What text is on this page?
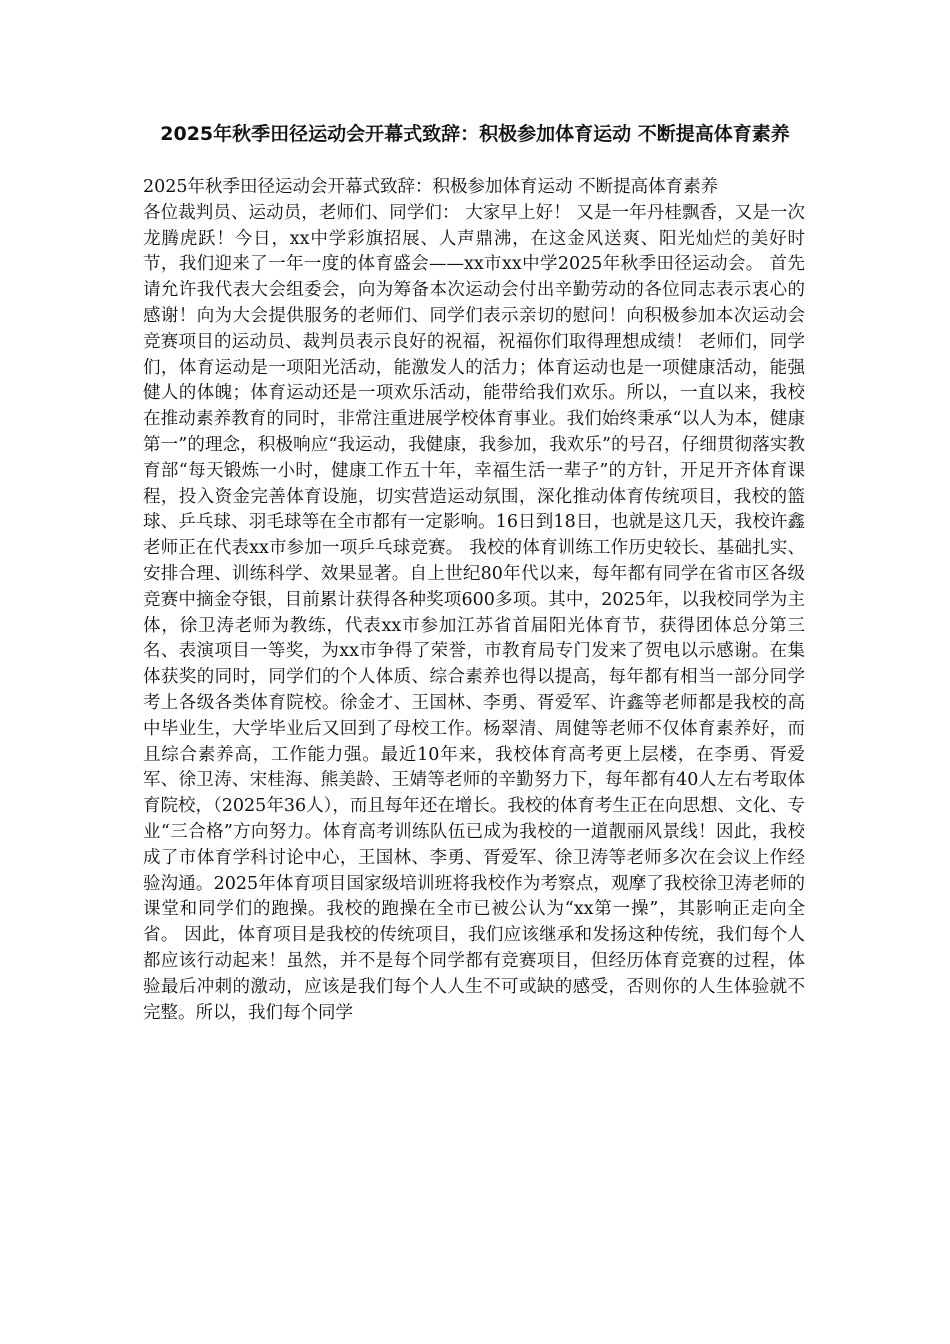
2025年秋季田径运动会开幕式致辞：积极参加体育运动 不断提高体育素养

2025年秋季田径运动会开幕式致辞：积极参加体育运动 不断提高体育素养

各位裁判员、运动员，老师们、同学们： 大家早上好！ 又是一年丹桂飘香，又是一次龙腾虎跃！今日，xx中学彩旗招展、人声鼎沸，在这金风送爽、阳光灿烂的美好时节，我们迎来了一年一度的体育盛会——xx市xx中学2025年秋季田径运动会。 首先请允许我代表大会组委会，向为筹备本次运动会付出辛勤劳动的各位同志表示衷心的感谢！向为大会提供服务的老师们、同学们表示亲切的慰问！向积极参加本次运动会竞赛项目的运动员、裁判员表示良好的祝福，祝福你们取得理想成绩！ 老师们，同学们，体育运动是一项阳光活动，能激发人的活力；体育运动也是一项健康活动，能强健人的体魄；体育运动还是一项欢乐活动，能带给我们欢乐。所以，一直以来，我校在推动素养教育的同时，非常注重进展学校体育事业。我们始终秉承“以人为本，健康第一”的理念，积极响应“我运动，我健康，我参加，我欢乐”的号召，仔细贯彻落实教育部“每天锻炼一小时，健康工作五十年，幸福生活一辈子”的方针，开足开齐体育课程，投入资金完善体育设施，切实营造运动氛围，深化推动体育传统项目，我校的篮球、乒乓球、羽毛球等在全市都有一定影响。16日到18日，也就是这几天，我校许鑫老师正在代表xx市参加一项乒乓球竞赛。 我校的体育训练工作历史较长、基础扎实、安排合理、训练科学、效果显著。自上世纪80年代以来，每年都有同学在省市区各级竞赛中摘金夺银，目前累计获得各种奖项600多项。其中，2025年，以我校同学为主体，徐卫涛老师为教练，代表xx市参加江苏省首届阳光体育节，获得团体总分第三名、表演项目一等奖，为xx市争得了荣誉，市教育局专门发来了贺电以示感谢。在集体获奖的同时，同学们的个人体质、综合素养也得以提高，每年都有相当一部分同学考上各级各类体育院校。徐金才、王国林、李勇、胥爱军、许鑫等老师都是我校的高中毕业生，大学毕业后又回到了母校工作。杨翠清、周健等老师不仅体育素养好，而且综合素养高，工作能力强。最近10年来，我校体育高考更上层楼，在李勇、胥爱军、徐卫涛、宋桂海、熊美龄、王婧等老师的辛勤努力下，每年都有40人左右考取体育院校，（2025年36人），而且每年还在增长。我校的体育考生正在向思想、文化、专业“三合格”方向努力。体育高考训练队伍已成为我校的一道靓丽风景线！因此，我校成了市体育学科讨论中心，王国林、李勇、胥爱军、徐卫涛等老师多次在会议上作经验沟通。2025年体育项目国家级培训班将我校作为考察点，观摩了我校徐卫涛老师的课堂和同学们的跑操。我校的跑操在全市已被公认为“xx第一操”，其影响正走向全省。 因此，体育项目是我校的传统项目，我们应该继承和发扬这种传统，我们每个人都应该行动起来！虽然，并不是每个同学都有竞赛项目，但经历体育竞赛的过程，体验最后冲刺的激动，应该是我们每个人人生不可或缺的感受，否则你的人生体验就不完整。所以，我们每个同学
